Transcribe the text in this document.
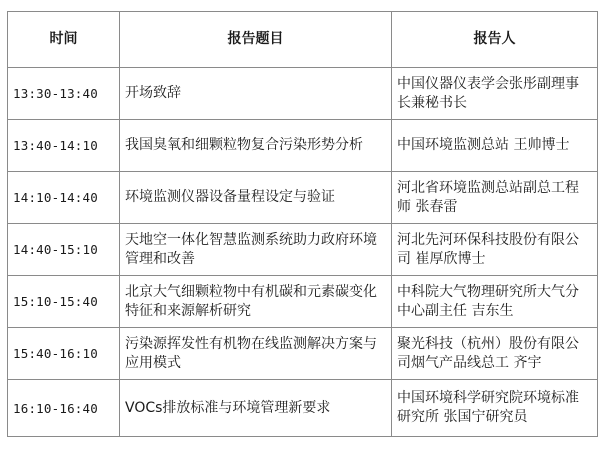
时间	报告题目	报告人
13:30-13:40	开场致辞	中国仪器仪表学会张彤副理事长兼秘书长
13:40-14:10	我国臭氧和细颗粒物复合污染形势分析	中国环境监测总站 王帅博士
14:10-14:40	环境监测仪器设备量程设定与验证	河北省环境监测总站副总工程师 张春雷
14:40-15:10	天地空一体化智慧监测系统助力政府环境管理和改善	河北先河环保科技股份有限公司 崔厚欣博士
15:10-15:40	北京大气细颗粒物中有机碳和元素碳变化特征和来源解析研究	中科院大气物理研究所大气分中心副主任 吉东生
15:40-16:10	污染源挥发性有机物在线监测解决方案与应用模式	聚光科技（杭州）股份有限公司烟气产品线总工 齐宇
16:10-16:40	VOCs排放标准与环境管理新要求	中国环境科学研究院环境标准研究所 张国宁研究员
